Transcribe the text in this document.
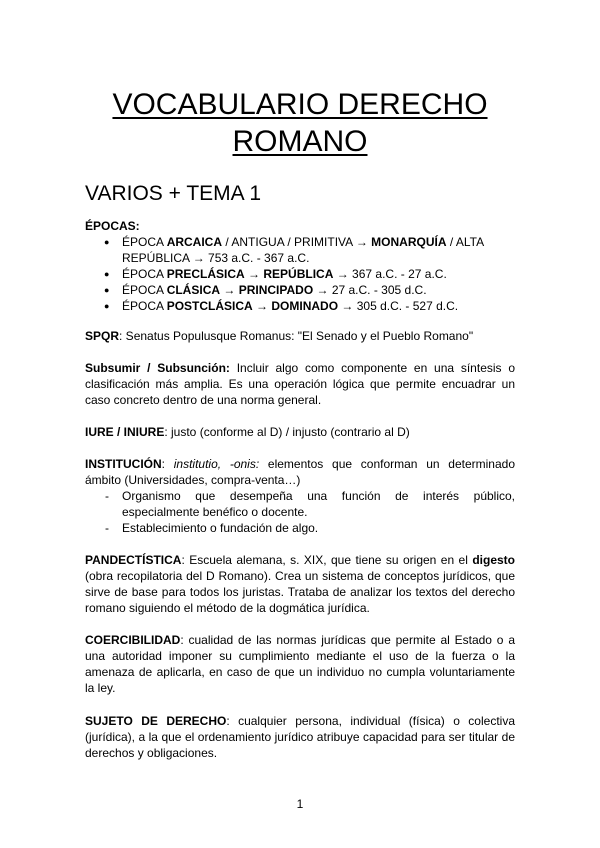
VOCABULARIO DERECHO
ROMANO
VARIOS + TEMA 1
ÉPOCAS:
● ÉPOCA ARCAICA / ANTIGUA / PRIMITIVA → MONARQUÍA / ALTA REPÚBLICA → 753 a.C. - 367 a.C.
● ÉPOCA PRECLÁSICA → REPÚBLICA → 367 a.C. - 27 a.C.
● ÉPOCA CLÁSICA → PRINCIPADO → 27 a.C. - 305 d.C.
● ÉPOCA POSTCLÁSICA → DOMINADO → 305 d.C. - 527 d.C.
SPQR: Senatus Populusque Romanus: "El Senado y el Pueblo Romano"
Subsumir / Subsunción: Incluir algo como componente en una síntesis o clasificación más amplia. Es una operación lógica que permite encuadrar un caso concreto dentro de una norma general.
IURE / INIURE: justo (conforme al D) / injusto (contrario al D)
INSTITUCIÓN: institutio, -onis: elementos que conforman un determinado ámbito (Universidades, compra-venta…)
- Organismo que desempeña una función de interés público, especialmente benéfico o docente.
- Establecimiento o fundación de algo.
PANDECTÍSTICA: Escuela alemana, s. XIX, que tiene su origen en el digesto (obra recopilatoria del D Romano). Crea un sistema de conceptos jurídicos, que sirve de base para todos los juristas. Trataba de analizar los textos del derecho romano siguiendo el método de la dogmática jurídica.
COERCIBILIDAD: cualidad de las normas jurídicas que permite al Estado o a una autoridad imponer su cumplimiento mediante el uso de la fuerza o la amenaza de aplicarla, en caso de que un individuo no cumpla voluntariamente la ley.
SUJETO DE DERECHO: cualquier persona, individual (física) o colectiva (jurídica), a la que el ordenamiento jurídico atribuye capacidad para ser titular de derechos y obligaciones.
1
